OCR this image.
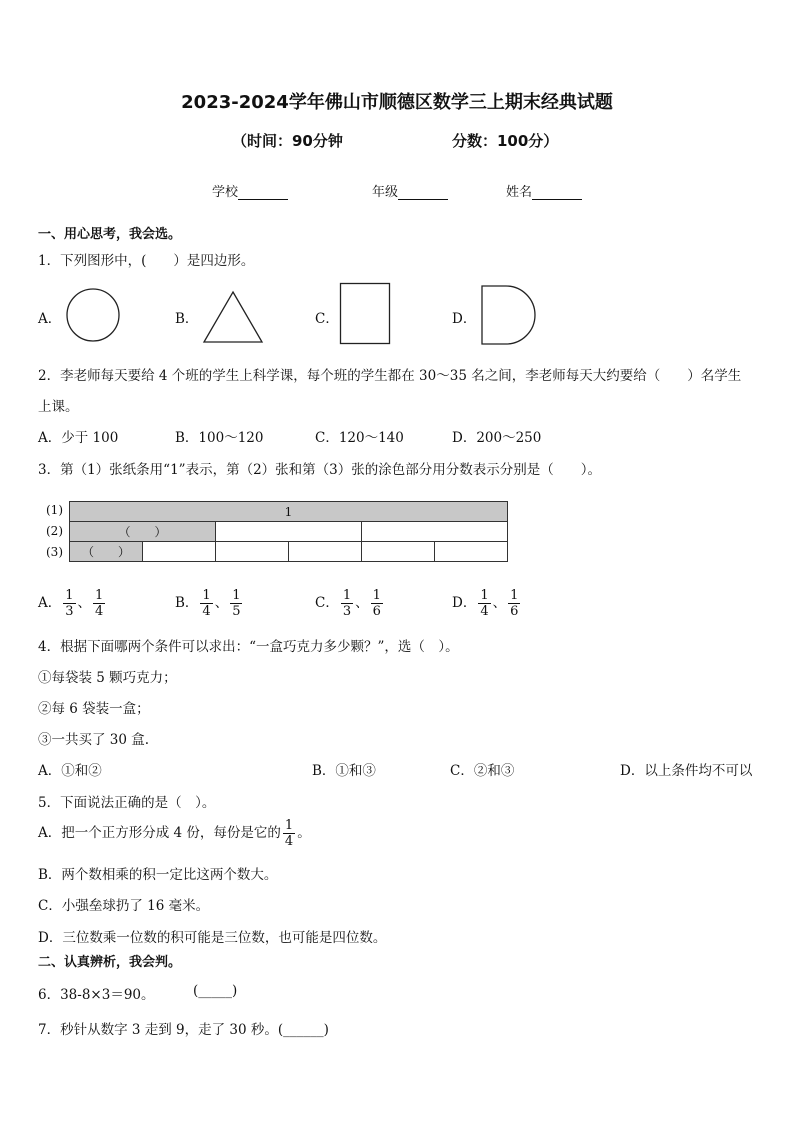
2023-2024学年佛山市顺德区数学三上期末经典试题
（时间：90分钟	分数：100分）
学校	年级	姓名
一、用心思考，我会选。
1．下列图形中，(　　）是四边形。
A．	B．	C．	D．
2．李老师每天要给 4 个班的学生上科学课，每个班的学生都在 30～35 名之间，李老师每天大约要给（　　）名学生
上课。
A．少于 100	B．100～120	C．120～140	D．200～250
3．第（1）张纸条用“1”表示，第（2）张和第（3）张的涂色部分用分数表示分别是（　　）。
(1)
(2)
(3)
1					
（　　）					
（　　）					
A． $\frac{1}{3}$ 、 $\frac{1}{4}$	B． $\frac{1}{4}$ 、 $\frac{1}{5}$	C． $\frac{1}{3}$ 、 $\frac{1}{6}$	D． $\frac{1}{4}$ 、 $\frac{1}{6}$
4．根据下面哪两个条件可以求出：“一盒巧克力多少颗？”，选（　）。
①每袋装 5 颗巧克力；
②每 6 袋装一盒；
③一共买了 30 盒.
A．①和②	B．①和③	C．②和③	D．以上条件均不可以
5．下面说法正确的是（　）。
A．把一个正方形分成 4 份，每份是它的 $\frac{1}{4}$ 。
B．两个数相乘的积一定比这两个数大。
C．小强垒球扔了 16 毫米。
D．三位数乘一位数的积可能是三位数，也可能是四位数。
二、认真辨析，我会判。
6．38-8×3＝90。	(_____)
7．秒针从数字 3 走到 9，走了 30 秒。(______)
